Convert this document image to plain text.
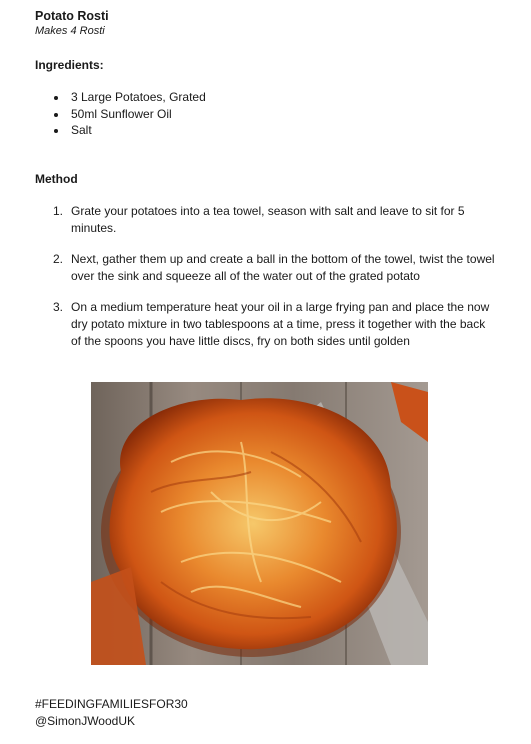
Potato Rosti
Makes 4 Rosti
Ingredients:
3 Large Potatoes, Grated
50ml Sunflower Oil
Salt
Method
1. Grate your potatoes into a tea towel, season with salt and leave to sit for 5 minutes.
2. Next, gather them up and create a ball in the bottom of the towel, twist the towel over the sink and squeeze all of the water out of the grated potato
3. On a medium temperature heat your oil in a large frying pan and place the now dry potato mixture in two tablespoons at a time, press it together with the back of the spoons you have little discs, fry on both sides until golden
#FEEDINGFAMILIESFOR30
@SimonJWoodUK
